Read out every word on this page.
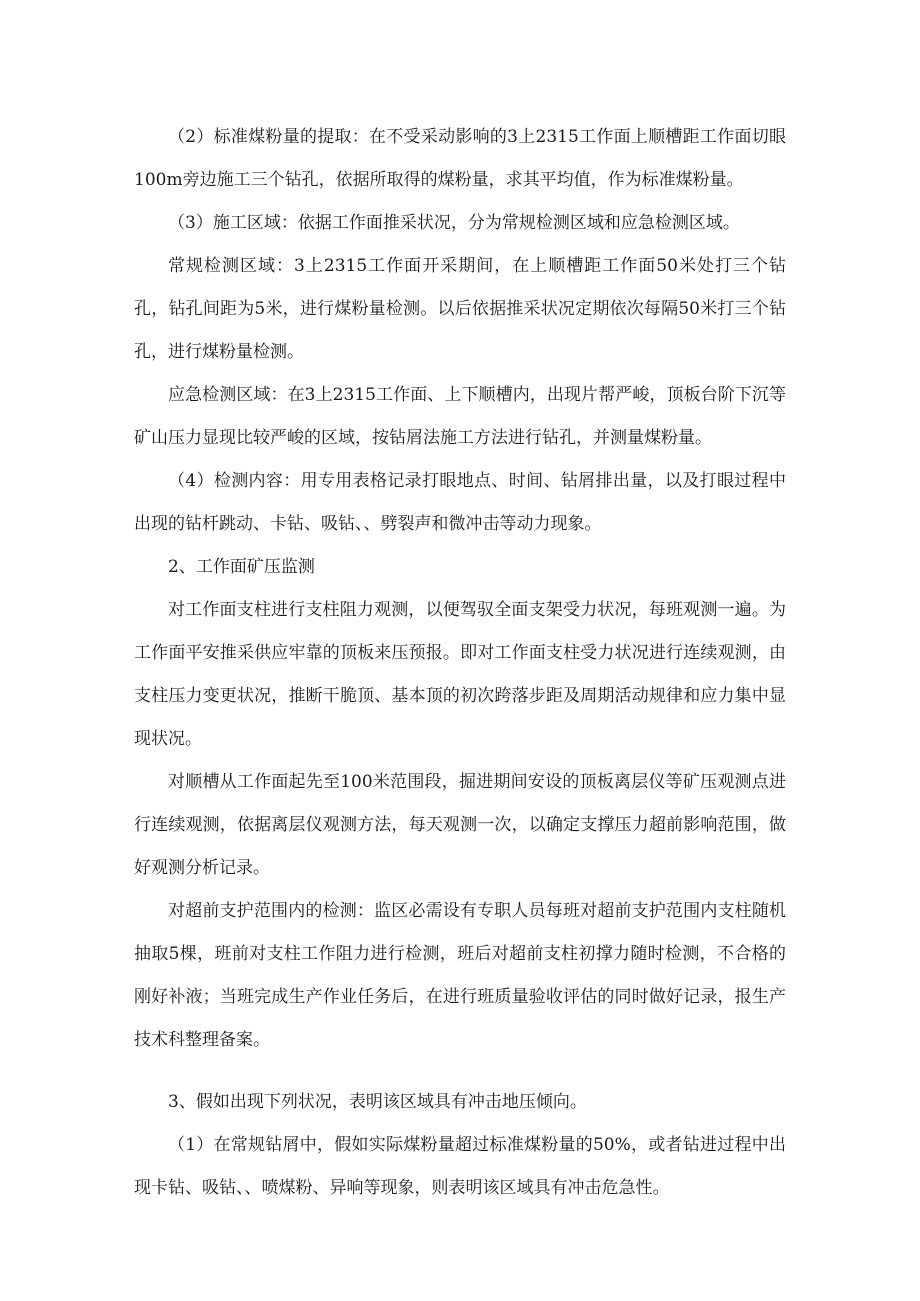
（2）标准煤粉量的提取：在不受采动影响的3上2315工作面上顺槽距工作面切眼100m旁边施工三个钻孔，依据所取得的煤粉量，求其平均值，作为标准煤粉量。

（3）施工区域：依据工作面推采状况，分为常规检测区域和应急检测区域。

常规检测区域：3上2315工作面开采期间，在上顺槽距工作面50米处打三个钻孔，钻孔间距为5米，进行煤粉量检测。以后依据推采状况定期依次每隔50米打三个钻孔，进行煤粉量检测。

应急检测区域：在3上2315工作面、上下顺槽内，出现片帮严峻，顶板台阶下沉等矿山压力显现比较严峻的区域，按钻屑法施工方法进行钻孔，并测量煤粉量。

（4）检测内容：用专用表格记录打眼地点、时间、钻屑排出量，以及打眼过程中出现的钻杆跳动、卡钻、吸钻、、劈裂声和微冲击等动力现象。

2、工作面矿压监测

对工作面支柱进行支柱阻力观测，以便驾驭全面支架受力状况，每班观测一遍。为工作面平安推采供应牢靠的顶板来压预报。即对工作面支柱受力状况进行连续观测，由支柱压力变更状况，推断干脆顶、基本顶的初次跨落步距及周期活动规律和应力集中显现状况。

对顺槽从工作面起先至100米范围段，掘进期间安设的顶板离层仪等矿压观测点进行连续观测，依据离层仪观测方法，每天观测一次，以确定支撑压力超前影响范围，做好观测分析记录。

对超前支护范围内的检测：监区必需设有专职人员每班对超前支护范围内支柱随机抽取5棵，班前对支柱工作阻力进行检测，班后对超前支柱初撑力随时检测，不合格的刚好补液；当班完成生产作业任务后，在进行班质量验收评估的同时做好记录，报生产技术科整理备案。

3、假如出现下列状况，表明该区域具有冲击地压倾向。

（1）在常规钻屑中，假如实际煤粉量超过标准煤粉量的50%，或者钻进过程中出现卡钻、吸钻、、喷煤粉、异响等现象，则表明该区域具有冲击危急性。
